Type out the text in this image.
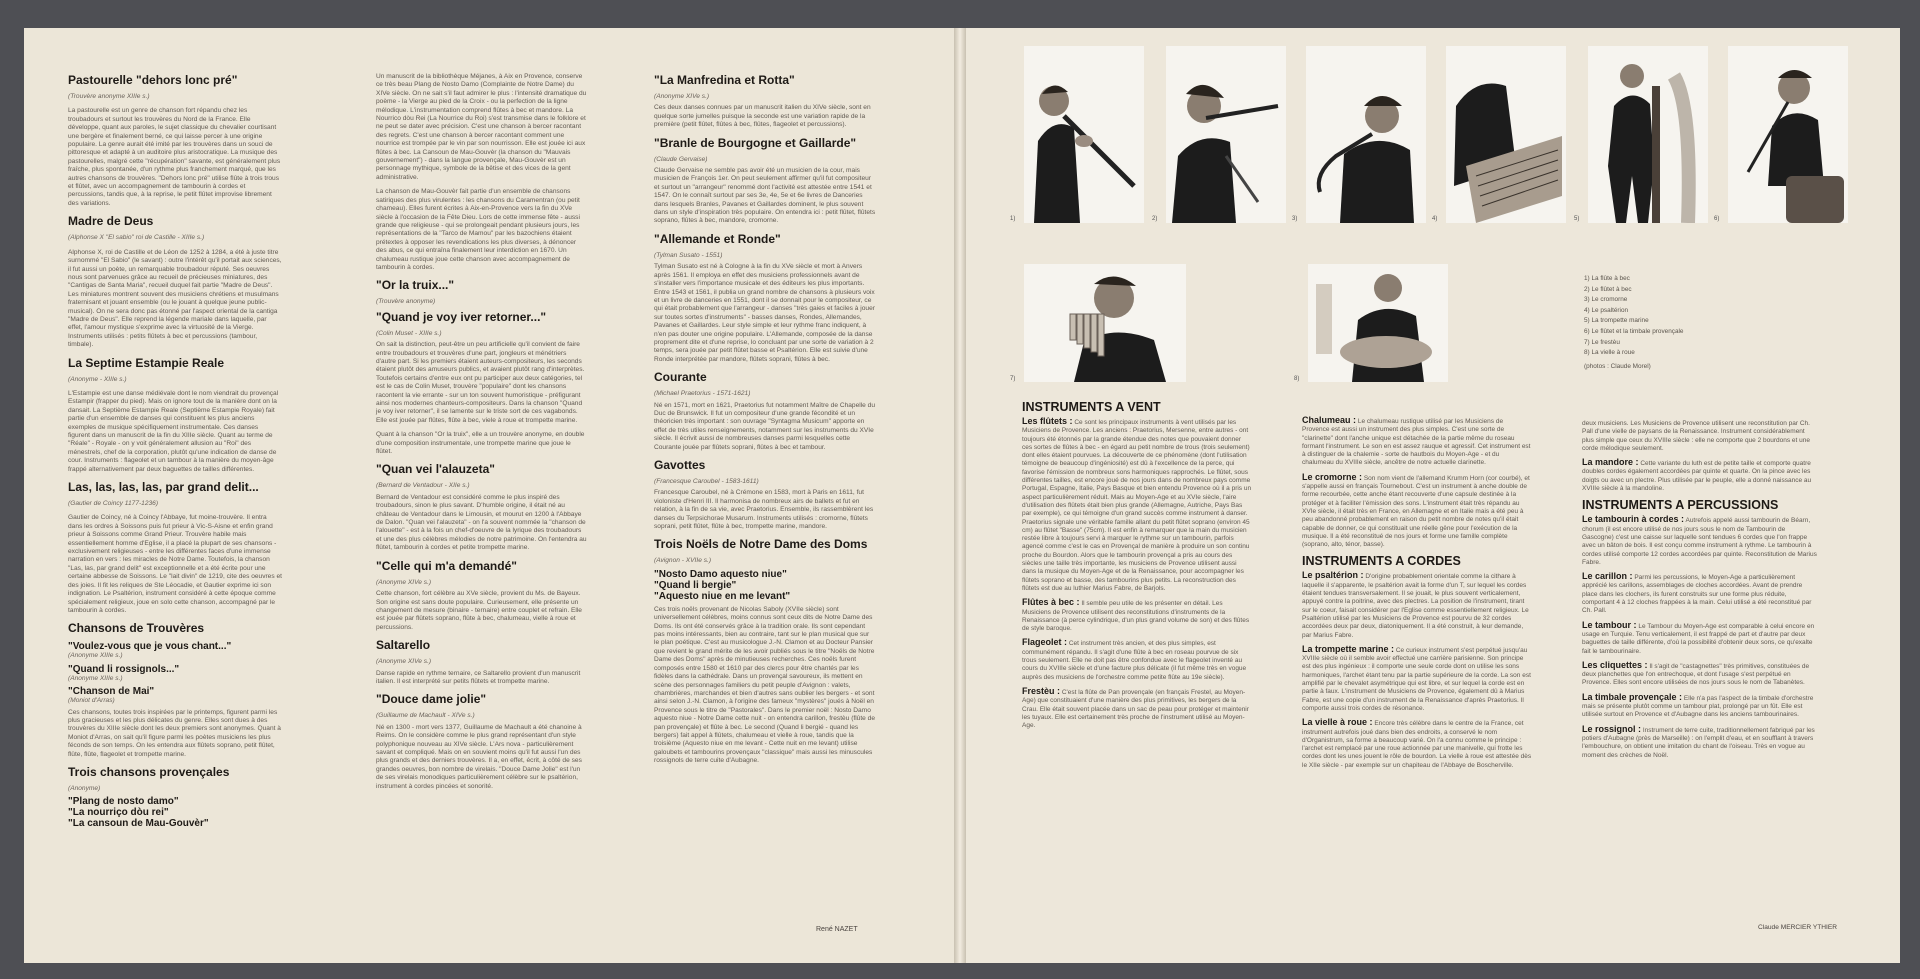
Pastourelle "dehors lonc pré"

(Trouvère anonyme XIIIe s.)

La pastourelle est un genre de chanson fort répandu chez les troubadours et surtout les trouvères du Nord de la France. Elle développe, quant aux paroles, le sujet classique du chevalier courtisant une bergère et finalement berné, ce qui laisse percer à une origine populaire. La genre aurait été imité par les trouvères dans un souci de pittoresque et adapté à un auditoire plus aristocratique. La musique des pastourelles, malgré cette "récupération" savante, est généralement plus fraîche, plus spontanée, d'un rythme plus franchement marqué, que les autres chansons de trouvères. "Dehors lonc pré" utilise flûte à trois trous et flûtet, avec un accompagnement de tambourin à cordes et percussions, tandis que, à la reprise, le petit flûtet improvise librement des variations.

Madre de Deus

(Alphonse X "El sabio" roi de Castille - XIIIe s.)

Alphonse X, roi de Castille et de Léon de 1252 à 1284, a été à juste titre surnommé "El Sabio" (le savant) : outre l'intérêt qu'il portait aux sciences, il fut aussi un poète, un remarquable troubadour réputé. Ses oeuvres nous sont parvenues grâce au recueil de précieuses miniatures, des "Cantigas de Santa Maria", recueil duquel fait partie "Madre de Deus". Les miniatures montrent souvent des musiciens chrétiens et musulmans fraternisant et jouant ensemble (ou le jouant à quelque jeune public-musical). On ne sera donc pas étonné par l'aspect oriental de la cantiga "Madre de Deus". Elle reprend la légende mariale dans laquelle, par effet, l'amour mystique s'exprime avec la virtuosité de la Vierge. Instruments utilisés : petits flûtets à bec et percussions (tambour, timbale).

La Septime Estampie Reale

(Anonyme - XIIIe s.)

L'Estampie est une danse médiévale dont le nom viendrait du provençal Estampir (frapper du pied). Mais on ignore tout de la manière dont on la dansait. La Septième Estampie Reale (Septième Estampie Royale) fait partie d'un ensemble de danses qui constituent les plus anciens exemples de musique spécifiquement instrumentale. Ces danses figurent dans un manuscrit de la fin du XIIIe siècle. Quant au terme de "Réale" - Royale - on y voit généralement allusion au "Roi" des ménestrels, chef de la corporation, plutôt qu'une indication de danse de cour. Instruments : flageolet et un tambour à la manière du moyen-âge frappé alternativement par deux baguettes de tailles différentes.

Las, las, las, las, par grand delit...

(Gautier de Coincy 1177-1236)

Gautier de Coincy, né à Coincy l'Abbaye, fut moine-trouvère. Il entra dans les ordres à Soissons puis fut prieur à Vic-S-Aisne et enfin grand prieur à Soissons comme Grand Prieur. Trouvère habile mais essentiellement homme d'Eglise, il a placé la plupart de ses chansons - exclusivement religieuses - entre les différentes faces d'une immense narration en vers : les miracles de Notre Dame. Toutefois, la chanson "Las, las, par grand delit" est exceptionnelle et a été écrite pour une certaine abbesse de Soissons. Le "lait divin" de 1219, cite des oeuvres et des joies. Il fit les reliques de Ste Léocadie, et Gautier exprime ici son indignation. Le Psaltérion, instrument considéré à cette époque comme spécialement religieux, joue en solo cette chanson, accompagné par le tambourin à cordes.

Chansons de Trouvères

"Voulez-vous que je vous chant..."
(Anonyme XIIIe s.)
"Quand li rossignols..."
(Anonyme XIIIe s.)
"Chanson de Mai"
(Moniot d'Arras)

Ces chansons, toutes trois inspirées par le printemps, figurent parmi les plus gracieuses et les plus délicates du genre. Elles sont dues à des trouvères du XIIIe siècle dont les deux premiers sont anonymes. Quant à Moniot d'Arras, on sait qu'il figure parmi les poètes musiciens les plus féconds de son temps. On les entendra aux flûtets soprano, petit flûtet, flûte, flûte, flageolet et trompette marine.

Trois chansons provençales

(Anonyme)
"Plang de nosto damo"
"La nourriço dòu rei"
"La cansoun de Mau-Gouvèr"

Un manuscrit de la bibliothèque Méjanes, à Aix en Provence, conserve ce très beau Plang de Nosto Damo (Complainte de Notre Dame) du XIVe siècle. On ne sait s'il faut admirer le plus : l'intensité dramatique du poème - la Vierge au pied de la Croix - ou la perfection de la ligne mélodique. L'instrumentation comprend flûtes à bec et mandore. La Nourrico dòu Rei (La Nourrice du Roi) s'est transmise dans le folklore et ne peut se dater avec précision. C'est une chanson à bercer racontant des regrets. C'est une chanson à bercer racontant comment une nourrice est trompée par le vin par son nourrisson. Elle est jouée ici aux flûtes à bec. La Cansoun de Mau-Gouvèr (la chanson du "Mauvais gouvernement") - dans la langue provençale, Mau-Gouvèr est un personnage mythique, symbole de la bêtise et des vices de la gent administrative.

La chanson de Mau-Gouvèr fait partie d'un ensemble de chansons satiriques des plus virulentes : les chansons du Caramentran (ou petit chameau). Elles furent écrites à Aix-en-Provence vers la fin du XVe siècle à l'occasion de la Fête Dieu. Lors de cette immense fête - aussi grande que religieuse - qui se prolongeait pendant plusieurs jours, les représentations de la "Tarco de Mamou" par les bazochiens étaient prétextes à opposer les revendications les plus diverses, à dénoncer des abus, ce qui entraîna finalement leur interdiction en 1670. Un chalumeau rustique joue cette chanson avec accompagnement de tambourin à cordes.

"Or la truix..."

(Trouvère anonyme)

"Quand je voy iver retorner..."

(Colin Muset - XIIIe s.)

On sait la distinction, peut-être un peu artificielle qu'il convient de faire entre troubadours et trouvères d'une part, jongleurs et ménétriers d'autre part. Si les premiers étaient auteurs-compositeurs, les seconds étaient plutôt des amuseurs publics, et avaient plutôt rang d'interprètes. Toutefois certains d'entre eux ont pu participer aux deux catégories, tel est le cas de Colin Muset, trouvère "populaire" dont les chansons racontent la vie errante - sur un ton souvent humoristique - préfigurant ainsi nos modernes chanteurs-compositeurs. Dans la chanson "Quand je voy iver retorner", il se lamente sur le triste sort de ces vagabonds. Elle est jouée par flûtes, flûte à bec, viele à roue et trompette marine.

Quant à la chanson "Or la truix", elle a un trouvère anonyme, en double d'une composition instrumentale, une trompette marine que joue le flûtet.

"Quan vei l'alauzeta"

(Bernard de Ventadour - XIIe s.)

Bernard de Ventadour est considéré comme le plus inspiré des troubadours, sinon le plus savant. D'humble origine, il était né au château de Ventadour dans le Limousin, et mourut en 1200 à l'Abbaye de Dalon. "Quan vei l'alauzeta" - on l'a souvent nommée la "chanson de l'alouette" - est à la fois un chef-d'oeuvre de la lyrique des troubadours et une des plus célèbres mélodies de notre patrimoine. On l'entendra au flûtet, tambourin à cordes et petite trompette marine.

"Celle qui m'a demandé"

(Anonyme XIVe s.)

Cette chanson, fort célèbre au XVe siècle, provient du Ms. de Bayeux. Son origine est sans doute populaire. Curieusement, elle présente un changement de mesure (binaire - ternaire) entre couplet et refrain. Elle est jouée par flûtets soprano, flûte à bec, chalumeau, vielle à roue et percussions.

Saltarello

(Anonyme XIVe s.)

Danse rapide en rythme ternaire, ce Saltarello provient d'un manuscrit italien. Il est interprété sur petits flûtets et trompette marine.

"Douce dame jolie"

(Guillaume de Machault - XIVe s.)

Né en 1300 - mort vers 1377, Guillaume de Machault a été chanoine à Reims. On le considère comme le plus grand représentant d'un style polyphonique nouveau au XIVe siècle. L'Ars nova - particulièrement savant et compliqué. Mais on en souvient moins qu'il fut aussi l'un des plus grands et des derniers trouvères. Il a, en effet, écrit, à côté de ses grandes oeuvres, bon nombre de virelais. "Douce Dame Jolie" est l'un de ses virelais monodiques particulièrement célèbre sur le psaltérion, instrument à cordes pincées et sonorité.

"La Manfredina et Rotta"

(Anonyme XIVe s.)

Ces deux danses connues par un manuscrit italien du XIVe siècle, sont en quelque sorte jumelles puisque la seconde est une variation rapide de la première (petit flûtet, flûtes à bec, flûtes, flageolet et percussions).

"Branle de Bourgogne et Gaillarde"

(Claude Gervaise)

Claude Gervaise ne semble pas avoir été un musicien de la cour, mais musicien de François 1er. On peut seulement affirmer qu'il fut compositeur et surtout un "arrangeur" renommé dont l'activité est attestée entre 1541 et 1547. On le connaît surtout par ses 3e, 4e, 5e et 6e livres de Danceries dans lesquels Branles, Pavanes et Gaillardes dominent, le plus souvent dans un style d'inspiration très populaire. On entendra ici : petit flûtet, flûtets soprano, flûtes à bec, mandore, cromorne.

"Allemande et Ronde"

(Tylman Susato - 1551)

Tylman Susato est né à Cologne à la fin du XVe siècle et mort à Anvers après 1561. Il employa en effet des musiciens professionnels avant de s'installer vers l'importance musicale et des éditeurs les plus importants. Entre 1543 et 1561, il publia un grand nombre de chansons à plusieurs voix et un livre de danceries en 1551, dont il se donnait pour le compositeur, ce qui était probablement que l'arrangeur - danses "très gaies et faciles à jouer sur toutes sortes d'instruments" - basses danses, Rondes, Allemandes, Pavanes et Gaillardes. Leur style simple et leur rythme franc indiquent, à n'en pas douter une origine populaire. L'Allemande, composée de la danse proprement dite et d'une reprise, lo concluant par une sorte de variation à 2 temps, sera jouée par petit flûtet basse et Psaltérion. Elle est suivie d'une Ronde interprétée par mandore, flûtets soprani, flûtes à bec.

Courante

(Michael Praetorius - 1571-1621)

Né en 1571, mort en 1621, Praetorius fut notamment Maître de Chapelle du Duc de Brunswick. Il fut un compositeur d'une grande fécondité et un théoricien très important : son ouvrage "Syntagma Musicum" apporte en effet de très utiles renseignements, notamment sur les instruments du XVIe siècle. Il écrivit aussi de nombreuses danses parmi lesquelles cette Courante jouée par flûtets soprani, flûtes à bec et tambour.

Gavottes

(Francesque Caroubel - 1583-1611)

Francesque Caroubel, né à Crémone en 1583, mort à Paris en 1611, fut violoniste d'Henri III. Il harmonisa de nombreux airs de ballets et fut en relation, à la fin de sa vie, avec Praetorius. Ensemble, ils rassemblèrent les danses du Terpsichorae Musarum. Instruments utilisés : cromorne, flûtets soprani, petit flûtet, flûte à bec, trompette marine, mandore.

Trois Noëls de Notre Dame des Doms

(Avignon - XVIIe s.)
"Nosto Damo aquesto niue"
"Quand li bergie"
"Aquesto niue en me levant"

Ces trois noëls provenant de Nicolas Saboly (XVIIe siècle) sont universellement célèbres, moins connus sont ceux dits de Notre Dame des Doms. Ils ont été conservés grâce à la tradition orale. Ils sont cependant pas moins intéressants, bien au contraire, tant sur le plan musical que sur le plan poétique. C'est au musicologue J.-N. Clamon et au Docteur Pansier que revient le grand mérite de les avoir publiés sous le titre "Noëls de Notre Dame des Doms" après de minutieuses recherches. Ces noëls furent composés entre 1580 et 1610 par des clercs pour être chantés par les fidèles dans la cathédrale. Dans un provençal savoureux, ils mettent en scène des personnages familiers du petit peuple d'Avignon : valets, chambrières, marchandes et bien d'autres sans oublier les bergers - et sont ainsi selon J.-N. Clamon, à l'origine des fameux "mystères" joués à Noël en Provence sous le titre de "Pastorales". Dans le premier noël : Nosto Damo aquesto niue - Notre Dame cette nuit - on entendra carillon, frestèu (flûte de pan provençale) et flûte à bec. Le second (Quand li bergié - quand les bergers) fait appel à flûtets, chalumeau et vielle à roue, tandis que la troisième (Aquesto niue en me levant - Cette nuit en me levant) utilise galoubets et tambourins provençaux "classique" mais aussi les minuscules rossignols de terre cuite d'Aubagne.

René NAZET
1)	2)	3)	4)	5)	6)
7)	8)
1) La flûte à bec
2) Le flûtet à bec
3) Le cromorne
4) Le psaltérion
5) La trompette marine
6) Le flûtet et la timbale provençale
7) Le frestèu
8) La vielle à roue
(photos : Claude Morel)
INSTRUMENTS A VENT

Les flûtets : Ce sont les principaux instruments à vent utilisés par les Musiciens de Provence. Les anciens : Praetorius, Mersenne, entre autres - ont toujours été étonnés par la grande étendue des notes que pouvaient donner ces sortes de flûtes à bec - en égard au petit nombre de trous (trois seulement) dont elles étaient pourvues. La découverte de ce phénomène (dont l'utilisation témoigne de beaucoup d'ingéniosité) est dû à l'excellence de la perce, qui favorise l'émission de nombreux sons harmoniques rapprochés. Le flûtet, sous différentes tailles, est encore joué de nos jours dans de nombreux pays comme Portugal, Espagne, Italie, Pays Basque et bien entendu Provence où il a pris un aspect particulièrement réduit. Mais au Moyen-Age et au XVIe siècle, l'aire d'utilisation des flûtets était bien plus grande (Allemagne, Autriche, Pays Bas par exemple), ce qui témoigne d'un grand succès comme instrument à danser. Praetorius signale une véritable famille allant du petit flûtet soprano (environ 45 cm) au flûtet "Basse" (75cm). Il est enfin à remarquer que la main du musicien restée libre à toujours servi à marquer le rythme sur un tambourin, parfois agencé comme c'est le cas en Provençal de manière à produire un son continu proche du Bourdon. Alors que le tambourin provençal a pris au cours des siècles une taille très importante, les musiciens de Provence utilisent aussi dans la musique du Moyen-Age et de la Renaissance, pour accompagner les flûtets soprano et basse, des tambourins plus petits. La reconstruction des flûtets est due au luthier Marius Fabre, de Barjols.

Flûtes à bec : Il semble peu utile de les présenter en détail. Les Musiciens de Provence utilisent des reconstitutions d'instruments de la Renaissance (à perce cylindrique, d'un plus grand volume de son) et des flûtes de style baroque.

Flageolet : Cet instrument très ancien, et des plus simples, est communément répandu. Il s'agit d'une flûte à bec en roseau pourvue de six trous seulement. Elle ne doit pas être confondue avec le flageolet inventé au cours du XVIIIe siècle et d'une facture plus délicate (il fut même très en vogue auprès des musiciens de l'orchestre comme petite flûte au 19e siècle).

Frestèu : C'est la flûte de Pan provençale (en français Frestel, au Moyen-Age) que constituaient d'une manière des plus primitives, les bergers de la Crau. Elle était souvent placée dans un sac de peau pour protéger et maintenir les tuyaux. Elle est certainement très proche de l'instrument utilisé au Moyen-Age.

Chalumeau : Le chalumeau rustique utilisé par les Musiciens de Provence est aussi un instrument des plus simples. C'est une sorte de "clarinette" dont l'anche unique est détachée de la partie même du roseau formant l'instrument. Le son en est assez rauque et agressif. Cet instrument est à distinguer de la chalemie - sorte de hautbois du Moyen-Age - et du chalumeau du XVIIIe siècle, ancêtre de notre actuelle clarinette.

Le cromorne : Son nom vient de l'allemand Krumm Horn (cor courbé), et s'appelle aussi en français Tournebout. C'est un instrument à anche double de forme recourbée, cette anche étant recouverte d'une capsule destinée à la protéger et à faciliter l'émission des sons. L'instrument était très répandu au XVIe siècle, il était très en France, en Allemagne et en Italie mais a été peu à peu abandonné probablement en raison du petit nombre de notes qu'il était capable de donner, ce qui constituait une réelle gêne pour l'exécution de la musique. Il a été reconstitué de nos jours et forme une famille complète (soprano, alto, ténor, basse).

INSTRUMENTS A CORDES

Le psaltérion : D'origine probablement orientale comme la cithare à laquelle il s'apparente, le psaltérion avait la forme d'un T, sur lequel les cordes étaient tendues transversalement. Il se jouait, le plus souvent verticalement, appuyé contre la poitrine, avec des plectres. La position de l'instrument, tirant sur le coeur, faisait considérer par l'Eglise comme essentiellement religieux. Le Psaltérion utilisé par les Musiciens de Provence est pourvu de 32 cordes accordées deux par deux, diatoniquement. Il a été construit, à leur demande, par Marius Fabre.

La trompette marine : Ce curieux instrument s'est perpétué jusqu'au XVIIIe siècle où il semble avoir effectué une carrière parisienne. Son principe est des plus ingénieux : il comporte une seule corde dont on utilise les sons harmoniques, l'archet étant tenu par la partie supérieure de la corde. La son est amplifié par le chevalet asymétrique qui est libre, et sur lequel la corde est en partie à faux. L'instrument de Musiciens de Provence, également dû à Marius Fabre, est une copie d'un instrument de la Renaissance d'après Praetorius. Il comporte aussi trois cordes de résonance.

La vielle à roue : Encore très célèbre dans le centre de la France, cet instrument autrefois joué dans bien des endroits, a conservé le nom d'Organistrum, sa forme a beaucoup varié. On l'a connu comme le principe : l'archet est remplacé par une roue actionnée par une manivelle, qui frotte les cordes dont les unes jouent le rôle de bourdon. La vielle à roue est attestée dès le XIIe siècle - par exemple sur un chapiteau de l'Abbaye de Boscherville.

deux musiciens. Les Musiciens de Provence utilisent une reconstitution par Ch. Pall d'une vielle de paysans de la Renaissance. Instrument considérablement plus simple que ceux du XVIIIe siècle : elle ne comporte que 2 bourdons et une corde mélodique seulement.

La mandore : Cette variante du luth est de petite taille et comporte quatre doubles cordes également accordées par quinte et quarte. On la pince avec les doigts ou avec un plectre. Plus utilisée par le peuple, elle a donné naissance au XVIIIe siècle à la mandoline.

INSTRUMENTS A PERCUSSIONS

Le tambourin à cordes : Autrefois appelé aussi tambourin de Béarn, chorum (il est encore utilisé de nos jours sous le nom de Tambourin de Gascogne) c'est une caisse sur laquelle sont tendues 6 cordes que l'on frappe avec un bâton de bois. Il est conçu comme instrument à rythme. Le tambourin à cordes utilisé comporte 12 cordes accordées par quinte. Reconstitution de Marius Fabre.

Le carillon : Parmi les percussions, le Moyen-Age a particulièrement apprécié les carillons, assemblages de cloches accordées. Avant de prendre place dans les clochers, ils furent construits sur une forme plus réduite, comportant 4 à 12 cloches frappées à la main. Celui utilisé a été reconstitué par Ch. Pall.

Le tambour : Le Tambour du Moyen-Age est comparable à celui encore en usage en Turquie. Tenu verticalement, il est frappé de part et d'autre par deux baguettes de taille différente, d'où la possibilité d'obtenir deux sons, ce qu'exalte fait le tambourinaire.

Les cliquettes : Il s'agit de "castagnettes" très primitives, constituées de deux planchettes que l'on entrechoque, et dont l'usage s'est perpétué en Provence. Elles sont encore utilisées de nos jours sous le nom de Tabanètes.

La timbale provençale : Elle n'a pas l'aspect de la timbale d'orchestre mais se présente plutôt comme un tambour plat, prolongé par un fût. Elle est utilisée surtout en Provence et d'Aubagne dans les anciens tambourinaires.

Le rossignol : Instrument de terre cuite, traditionnellement fabriqué par les potiers d'Aubagne (près de Marseille) : on l'emplit d'eau, et en soufflant à travers l'embouchure, on obtient une imitation du chant de l'oiseau. Très en vogue au moment des crèches de Noël.

Claude MERCIER YTHIER
